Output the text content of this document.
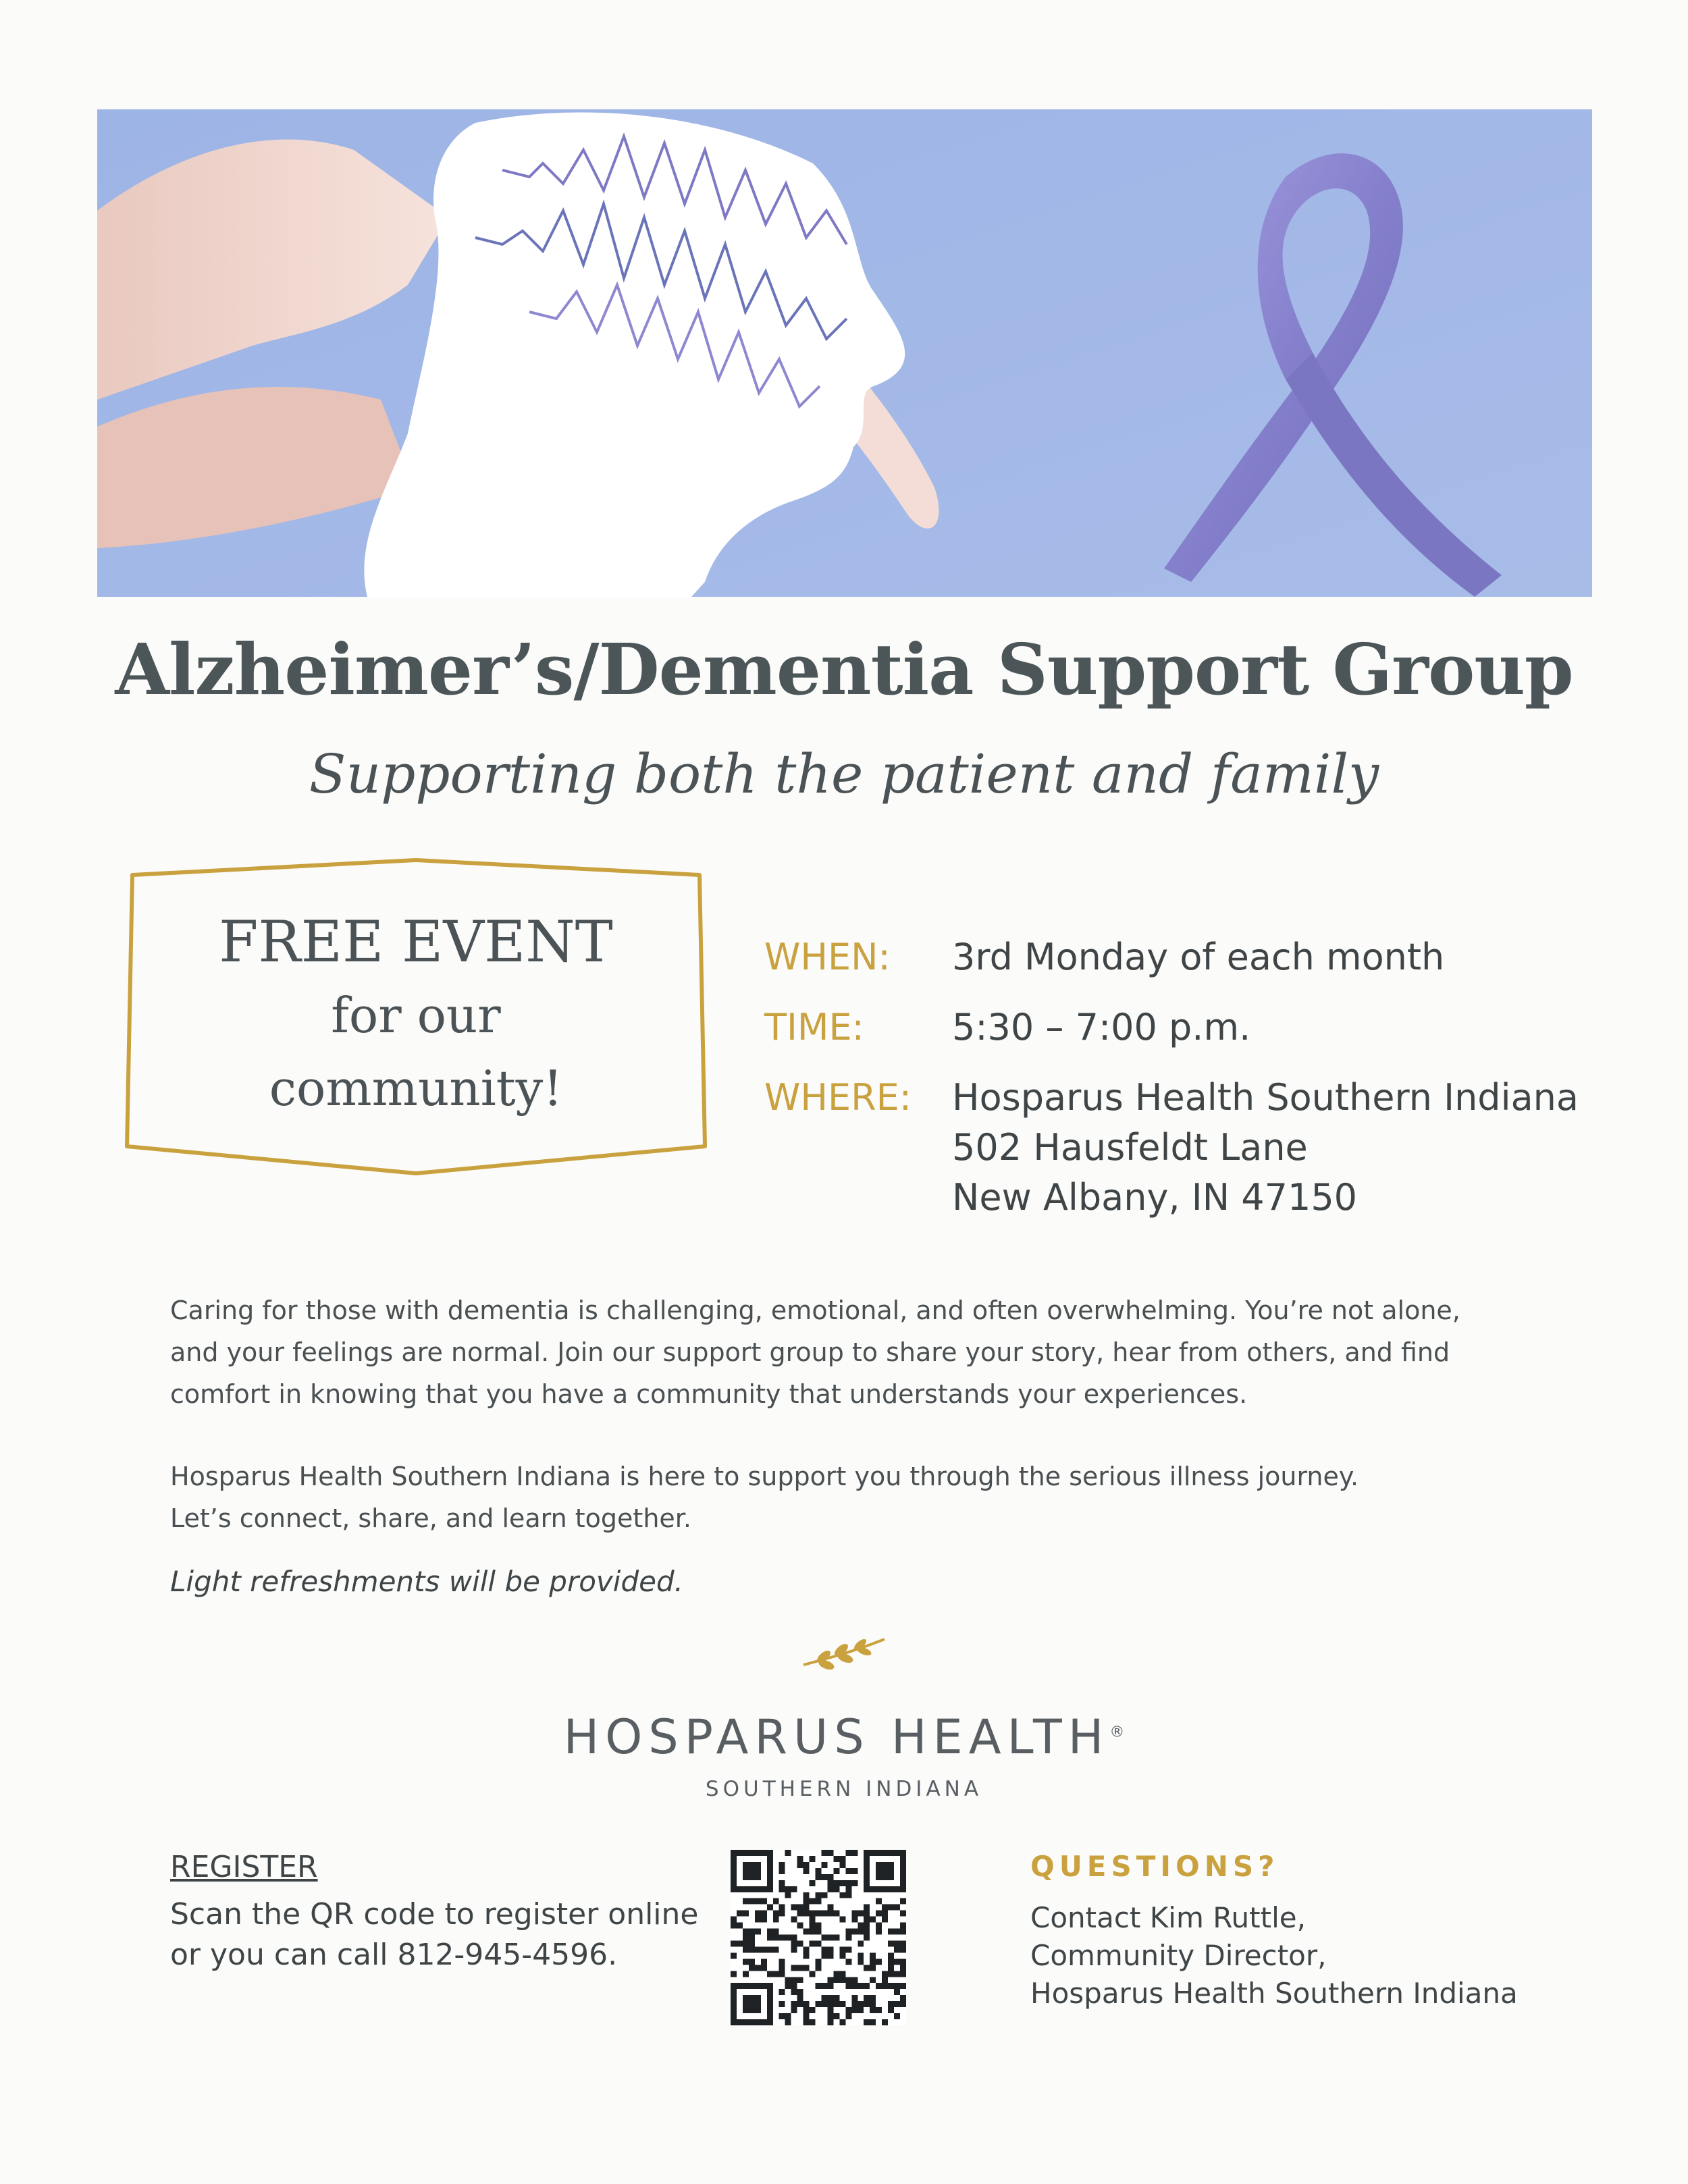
Alzheimer’s/Dementia Support Group
Supporting both the patient and family
FREE EVENT
for our
community!
WHEN: 3rd Monday of each month
TIME: 5:30 – 7:00 p.m.
WHERE: Hosparus Health Southern Indiana
502 Hausfeldt Lane
New Albany, IN 47150
Caring for those with dementia is challenging, emotional, and often overwhelming. You’re not alone,
and your feelings are normal. Join our support group to share your story, hear from others, and find
comfort in knowing that you have a community that understands your experiences.
Hosparus Health Southern Indiana is here to support you through the serious illness journey.
Let’s connect, share, and learn together.
Light refreshments will be provided.
HOSPARUS HEALTH®
SOUTHERN INDIANA
REGISTER
Scan the QR code to register online
or you can call 812-945-4596.
QUESTIONS?
Contact Kim Ruttle,
Community Director,
Hosparus Health Southern Indiana
